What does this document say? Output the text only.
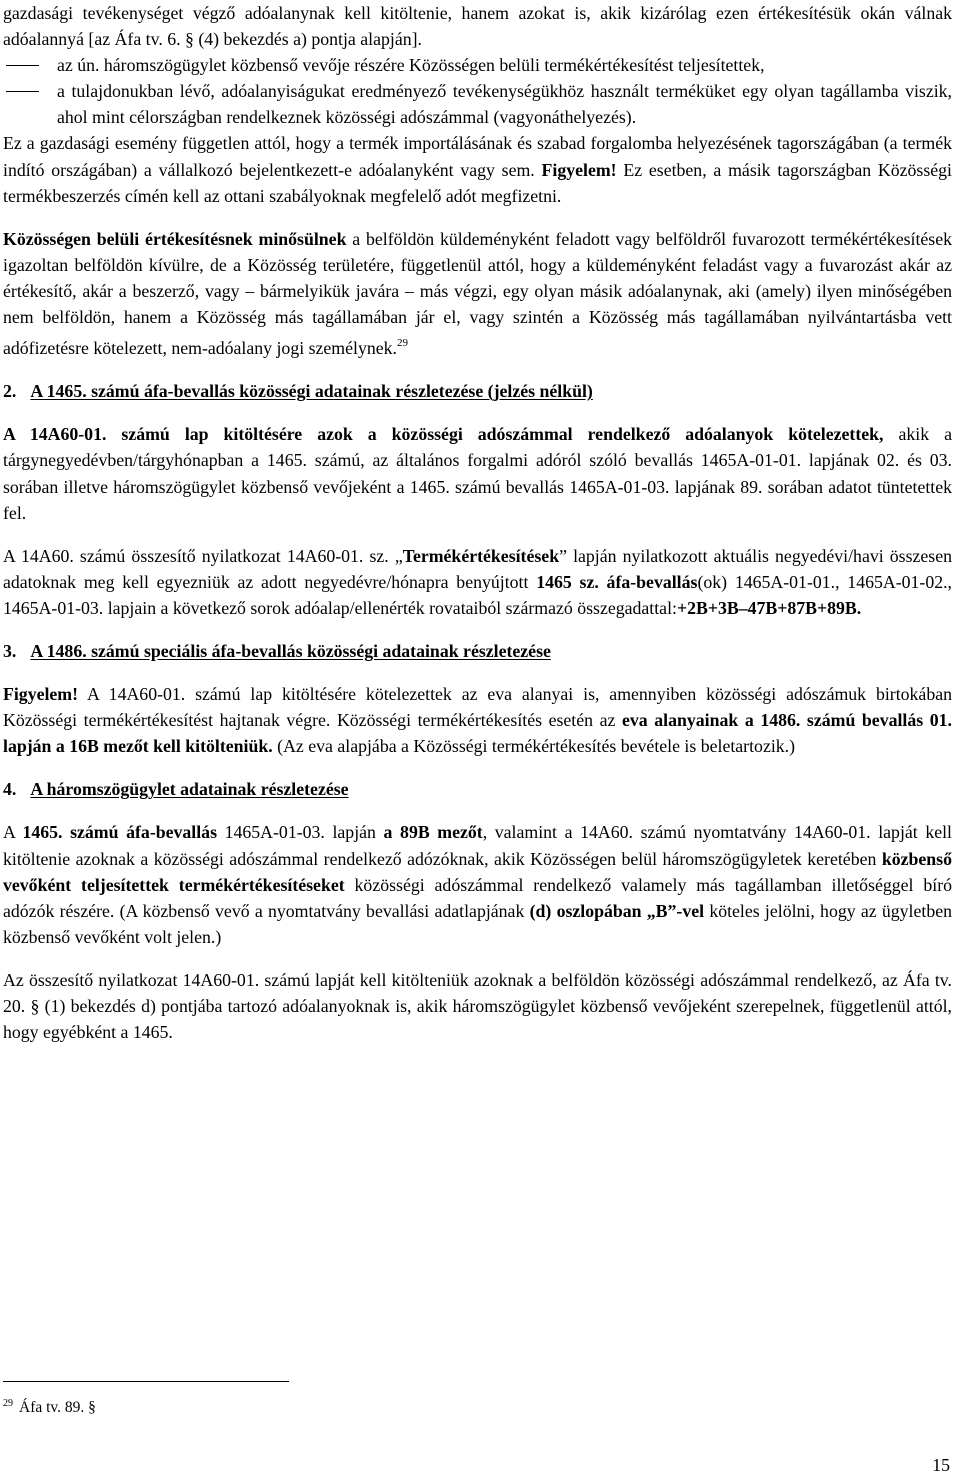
gazdasági tevékenységet végző adóalanynak kell kitöltenie, hanem azokat is, akik kizárólag ezen értékesítésük okán válnak adóalannyá [az Áfa tv. 6. § (4) bekezdés a) pontja alapján].

az ún. háromszögügylet közbenső vevője részére Közösségen belüli termékértékesítést teljesítettek,
a tulajdonukban lévő, adóalanyiságukat eredményező tevékenységükhöz használt terméküket egy olyan tagállamba viszik, ahol mint célországban rendelkeznek közösségi adószámmal (vagyonáthelyezés).

Ez a gazdasági esemény független attól, hogy a termék importálásának és szabad forgalomba helyezésének tagországában (a termék indító országában) a vállalkozó bejelentkezett-e adóalanyként vagy sem. Figyelem! Ez esetben, a másik tagországban Közösségi termékbeszerzés címén kell az ottani szabályoknak megfelelő adót megfizetni.

Közösségen belüli értékesítésnek minősülnek a belföldön küldeményként feladott vagy belföldről fuvarozott termékértékesítések igazoltan belföldön kívülre, de a Közösség területére, függetlenül attól, hogy a küldeményként feladást vagy a fuvarozást akár az értékesítő, akár a beszerző, vagy – bármelyikük javára – más végzi, egy olyan másik adóalanynak, aki (amely) ilyen minőségében nem belföldön, hanem a Közösség más tagállamában jár el, vagy szintén a Közösség más tagállamában nyilvántartásba vett adófizetésre kötelezett, nem-adóalany jogi személynek.$^{29}$

2. A 1465. számú áfa-bevallás közösségi adatainak részletezése (jelzés nélkül)

A 14A60-01. számú lap kitöltésére azok a közösségi adószámmal rendelkező adóalanyok kötelezettek, akik a tárgynegyedévben/tárgyhónapban a 1465. számú, az általános forgalmi adóról szóló bevallás 1465A-01-01. lapjának 02. és 03. sorában illetve háromszögügylet közbenső vevőjeként a 1465. számú bevallás 1465A-01-03. lapjának 89. sorában adatot tüntetettek fel.

A 14A60. számú összesítő nyilatkozat 14A60-01. sz. „Termékértékesítések” lapján nyilatkozott aktuális negyedévi/havi összesen adatoknak meg kell egyezniük az adott negyedévre/hónapra benyújtott 1465 sz. áfa-bevallás(ok) 1465A-01-01., 1465A-01-02., 1465A-01-03. lapjain a következő sorok adóalap/ellenérték rovataiból származó összegadattal:+2B+3B–47B+87B+89B.

3. A 1486. számú speciális áfa-bevallás közösségi adatainak részletezése

Figyelem! A 14A60-01. számú lap kitöltésére kötelezettek az eva alanyai is, amennyiben közösségi adószámuk birtokában Közösségi termékértékesítést hajtanak végre. Közösségi termékértékesítés esetén az eva alanyainak a 1486. számú bevallás 01. lapján a 16B mezőt kell kitölteniük. (Az eva alapjába a Közösségi termékértékesítés bevétele is beletartozik.)

4. A háromszögügylet adatainak részletezése

A 1465. számú áfa-bevallás 1465A-01-03. lapján a 89B mezőt, valamint a 14A60. számú nyomtatvány 14A60-01. lapját kell kitöltenie azoknak a közösségi adószámmal rendelkező adózóknak, akik Közösségen belül háromszögügyletek keretében közbenső vevőként teljesítettek termékértékesítéseket közösségi adószámmal rendelkező valamely más tagállamban illetőséggel bíró adózók részére. (A közbenső vevő a nyomtatvány bevallási adatlapjának (d) oszlopában „B”-vel köteles jelölni, hogy az ügyletben közbenső vevőként volt jelen.)

Az összesítő nyilatkozat 14A60-01. számú lapját kell kitölteniük azoknak a belföldön közösségi adószámmal rendelkező, az Áfa tv. 20. § (1) bekezdés d) pontjába tartozó adóalanyoknak is, akik háromszögügylet közbenső vevőjeként szerepelnek, függetlenül attól, hogy egyébként a 1465.

$^{29}$ Áfa tv. 89. §
15
